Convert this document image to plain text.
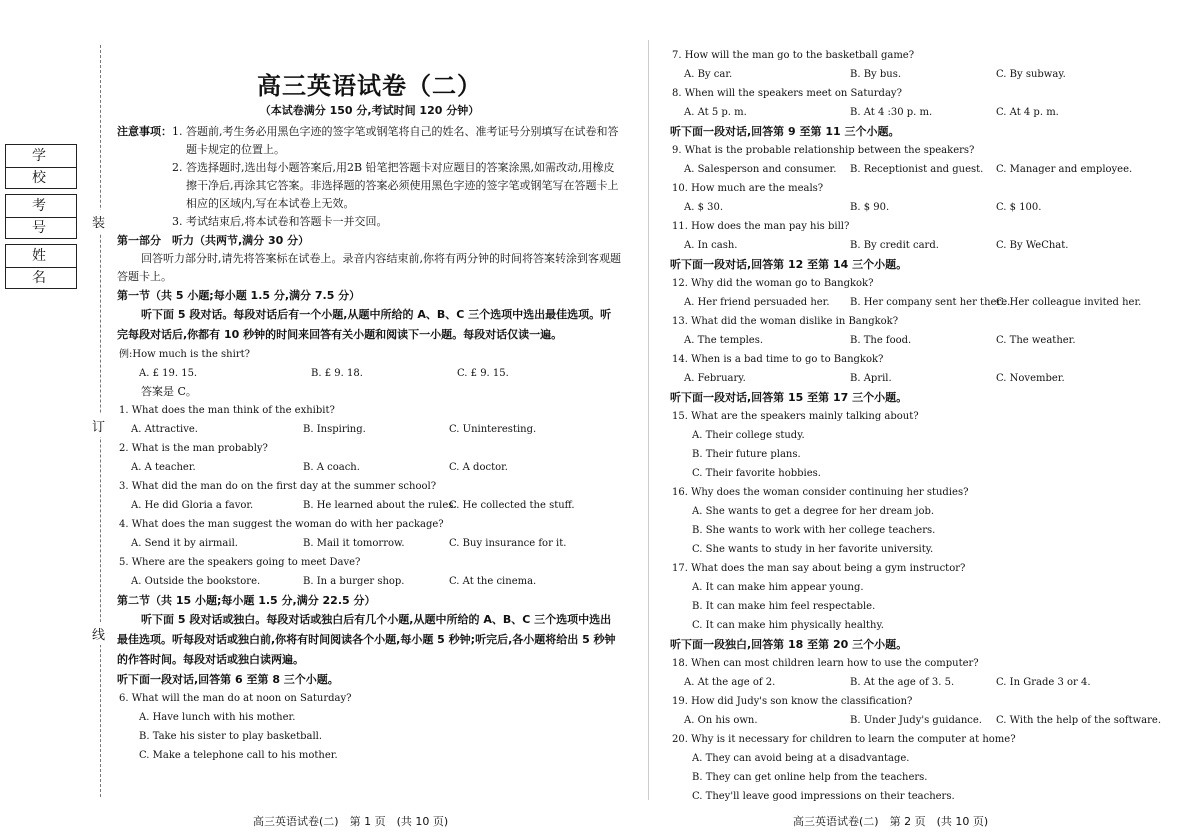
装
订
线
学 校
考 号
姓 名
高三英语试卷（二）
（本试卷满分 150 分,考试时间 120 分钟）
注意事项： 1. 答题前,考生务必用黑色字迹的签字笔或钢笔将自己的姓名、准考证号分别填写在试卷和答题卡规定的位置上。
2. 答选择题时,选出每小题答案后,用2B 铅笔把答题卡对应题目的答案涂黑,如需改动,用橡皮擦干净后,再涂其它答案。非选择题的答案必须使用黑色字迹的签字笔或钢笔写在答题卡上相应的区域内,写在本试卷上无效。
3. 考试结束后,将本试卷和答题卡一并交回。
第一部分　听力（共两节,满分 30 分）
回答听力部分时,请先将答案标在试卷上。录音内容结束前,你将有两分钟的时间将答案转涂到客观题答题卡上。
第一节（共 5 小题;每小题 1.5 分,满分 7.5 分）
听下面 5 段对话。每段对话后有一个小题,从题中所给的 A、B、C 三个选项中选出最佳选项。听完每段对话后,你都有 10 秒钟的时间来回答有关小题和阅读下一小题。每段对话仅读一遍。
例:How much is the shirt?
A. £ 19. 15.	B. £ 9. 18.	C. £ 9. 15.
答案是 C。
1. What does the man think of the exhibit?
A. Attractive.	B. Inspiring.	C. Uninteresting.
2. What is the man probably?
A. A teacher.	B. A coach.	C. A doctor.
3. What did the man do on the first day at the summer school?
A. He did Gloria a favor.	B. He learned about the rules.
C. He collected the stuff.
4. What does the man suggest the woman do with her package?
A. Send it by airmail.	B. Mail it tomorrow.	C. Buy insurance for it.
5. Where are the speakers going to meet Dave?
A. Outside the bookstore.	B. In a burger shop.	C. At the cinema.
第二节（共 15 小题;每小题 1.5 分,满分 22.5 分）
听下面 5 段对话或独白。每段对话或独白后有几个小题,从题中所给的 A、B、C 三个选项中选出最佳选项。听每段对话或独白前,你将有时间阅读各个小题,每小题 5 秒钟;听完后,各小题将给出 5 秒钟的作答时间。每段对话或独白读两遍。
听下面一段对话,回答第 6 至第 8 三个小题。
6. What will the man do at noon on Saturday?
A. Have lunch with his mother.
B. Take his sister to play basketball.
C. Make a telephone call to his mother.
7. How will the man go to the basketball game?
A. By car.	B. By bus.	C. By subway.
8. When will the speakers meet on Saturday?
A. At 5 p. m.	B. At 4 :30 p. m.	C. At 4 p. m.
听下面一段对话,回答第 9 至第 11 三个小题。
9. What is the probable relationship between the speakers?
A. Salesperson and consumer.	B. Receptionist and guest.	C. Manager and employee.
10. How much are the meals?
A. $ 30.	B. $ 90.	C. $ 100.
11. How does the man pay his bill?
A. In cash.	B. By credit card.	C. By WeChat.
听下面一段对话,回答第 12 至第 14 三个小题。
12. Why did the woman go to Bangkok?
A. Her friend persuaded her.	B. Her company sent her there.
C. Her colleague invited her.
13. What did the woman dislike in Bangkok?
A. The temples.	B. The food.	C. The weather.
14. When is a bad time to go to Bangkok?
A. February.	B. April.	C. November.
听下面一段对话,回答第 15 至第 17 三个小题。
15. What are the speakers mainly talking about?
A. Their college study.
B. Their future plans.
C. Their favorite hobbies.
16. Why does the woman consider continuing her studies?
A. She wants to get a degree for her dream job.
B. She wants to work with her college teachers.
C. She wants to study in her favorite university.
17. What does the man say about being a gym instructor?
A. It can make him appear young.
B. It can make him feel respectable.
C. It can make him physically healthy.
听下面一段独白,回答第 18 至第 20 三个小题。
18. When can most children learn how to use the computer?
A. At the age of 2.	B. At the age of 3. 5.	C. In Grade 3 or 4.
19. How did Judy's son know the classification?
A. On his own.	B. Under Judy's guidance.	C. With the help of the software.
20. Why is it necessary for children to learn the computer at home?
A. They can avoid being at a disadvantage.
B. They can get online help from the teachers.
C. They'll leave good impressions on their teachers.
高三英语试卷(二)　第 1 页　(共 10 页)	高三英语试卷(二)　第 2 页　(共 10 页)
